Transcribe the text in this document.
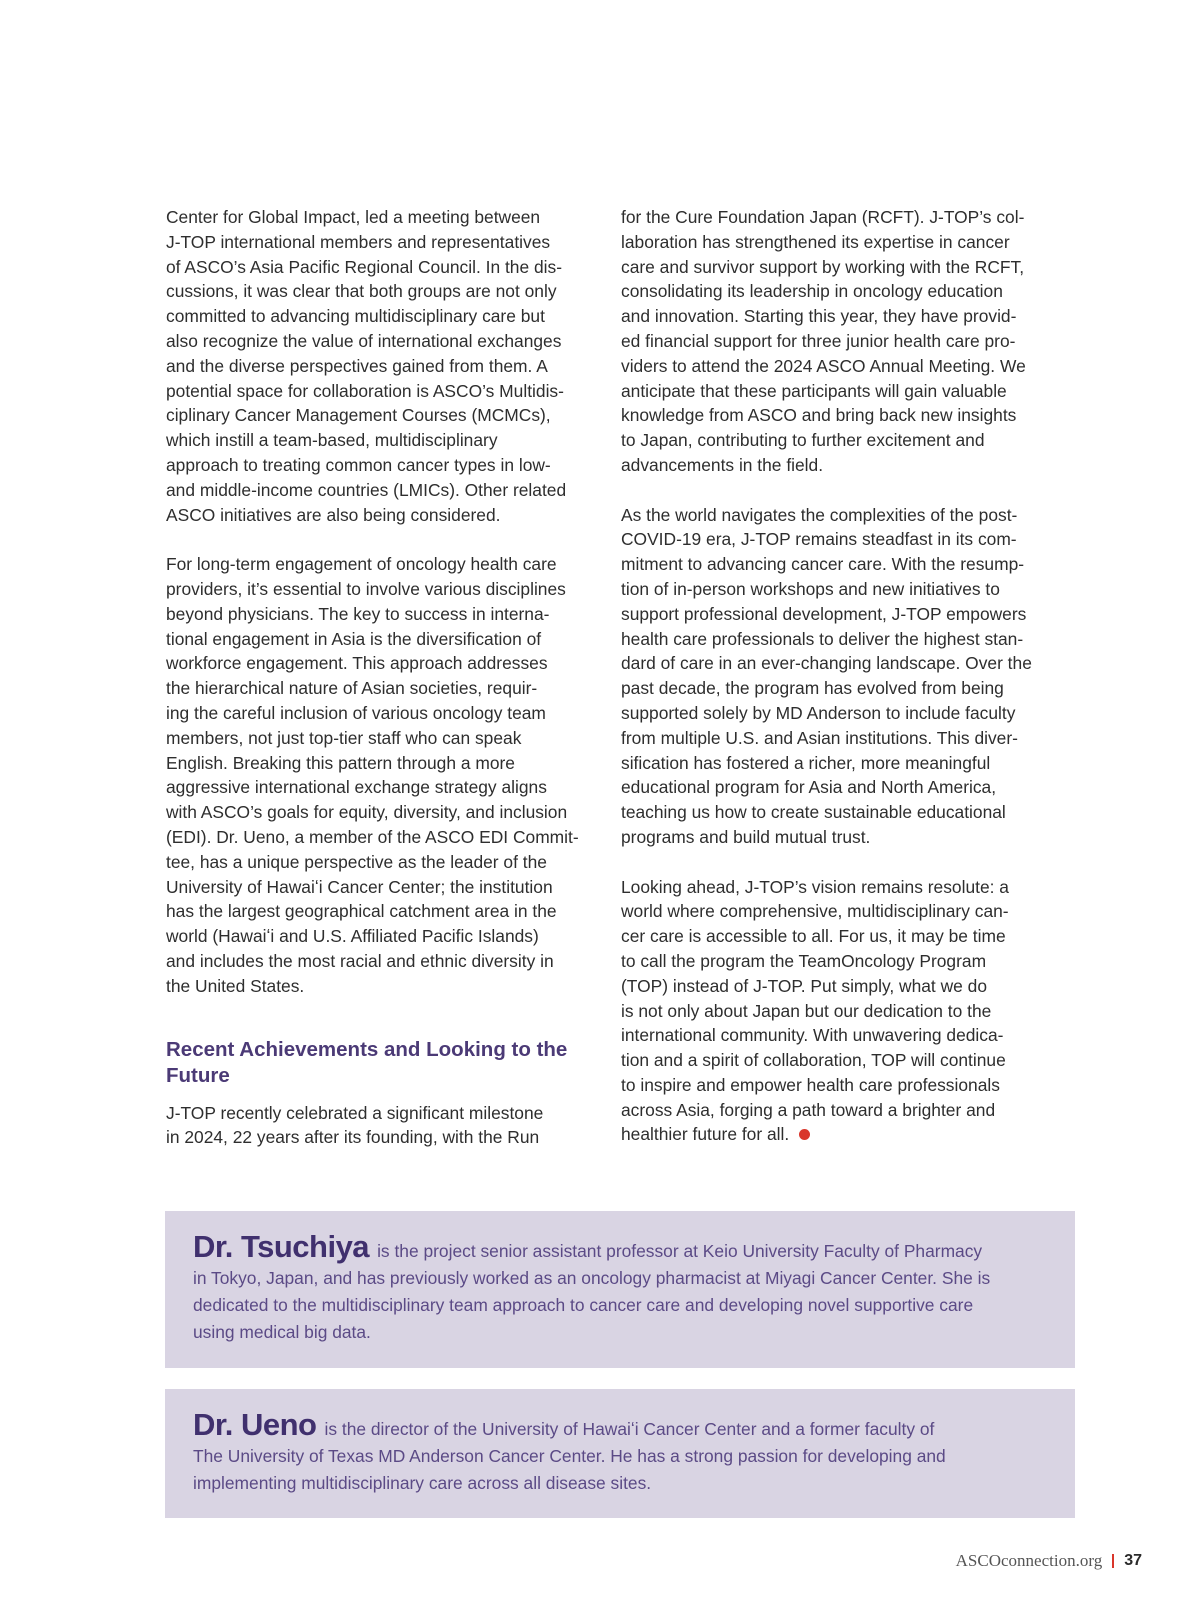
Center for Global Impact, led a meeting between
J-TOP international members and representatives
of ASCO’s Asia Pacific Regional Council. In the dis-
cussions, it was clear that both groups are not only
committed to advancing multidisciplinary care but
also recognize the value of international exchanges
and the diverse perspectives gained from them. A
potential space for collaboration is ASCO’s Multidis-
ciplinary Cancer Management Courses (MCMCs),
which instill a team-based, multidisciplinary
approach to treating common cancer types in low-
and middle-income countries (LMICs). Other related
ASCO initiatives are also being considered.

For long-term engagement of oncology health care
providers, it’s essential to involve various disciplines
beyond physicians. The key to success in interna-
tional engagement in Asia is the diversification of
workforce engagement. This approach addresses
the hierarchical nature of Asian societies, requir-
ing the careful inclusion of various oncology team
members, not just top-tier staff who can speak
English. Breaking this pattern through a more
aggressive international exchange strategy aligns
with ASCO’s goals for equity, diversity, and inclusion
(EDI). Dr. Ueno, a member of the ASCO EDI Commit-
tee, has a unique perspective as the leader of the
University of Hawaiʻi Cancer Center; the institution
has the largest geographical catchment area in the
world (Hawaiʻi and U.S. Affiliated Pacific Islands)
and includes the most racial and ethnic diversity in
the United States.

Recent Achievements and Looking to the
Future

J-TOP recently celebrated a significant milestone
in 2024, 22 years after its founding, with the Run

for the Cure Foundation Japan (RCFT). J-TOP’s col-
laboration has strengthened its expertise in cancer
care and survivor support by working with the RCFT,
consolidating its leadership in oncology education
and innovation. Starting this year, they have provid-
ed financial support for three junior health care pro-
viders to attend the 2024 ASCO Annual Meeting. We
anticipate that these participants will gain valuable
knowledge from ASCO and bring back new insights
to Japan, contributing to further excitement and
advancements in the field.

As the world navigates the complexities of the post-
COVID-19 era, J-TOP remains steadfast in its com-
mitment to advancing cancer care. With the resump-
tion of in-person workshops and new initiatives to
support professional development, J-TOP empowers
health care professionals to deliver the highest stan-
dard of care in an ever-changing landscape. Over the
past decade, the program has evolved from being
supported solely by MD Anderson to include faculty
from multiple U.S. and Asian institutions. This diver-
sification has fostered a richer, more meaningful
educational program for Asia and North America,
teaching us how to create sustainable educational
programs and build mutual trust.

Looking ahead, J-TOP’s vision remains resolute: a
world where comprehensive, multidisciplinary can-
cer care is accessible to all. For us, it may be time
to call the program the TeamOncology Program
(TOP) instead of J-TOP. Put simply, what we do
is not only about Japan but our dedication to the
international community. With unwavering dedica-
tion and a spirit of collaboration, TOP will continue
to inspire and empower health care professionals
across Asia, forging a path toward a brighter and
healthier future for all.

Dr. Tsuchiya is the project senior assistant professor at Keio University Faculty of Pharmacy
in Tokyo, Japan, and has previously worked as an oncology pharmacist at Miyagi Cancer Center. She is
dedicated to the multidisciplinary team approach to cancer care and developing novel supportive care
using medical big data.
Dr. Ueno is the director of the University of Hawaiʻi Cancer Center and a former faculty of
The University of Texas MD Anderson Cancer Center. He has a strong passion for developing and
implementing multidisciplinary care across all disease sites.
ASCOconnection.org 37
